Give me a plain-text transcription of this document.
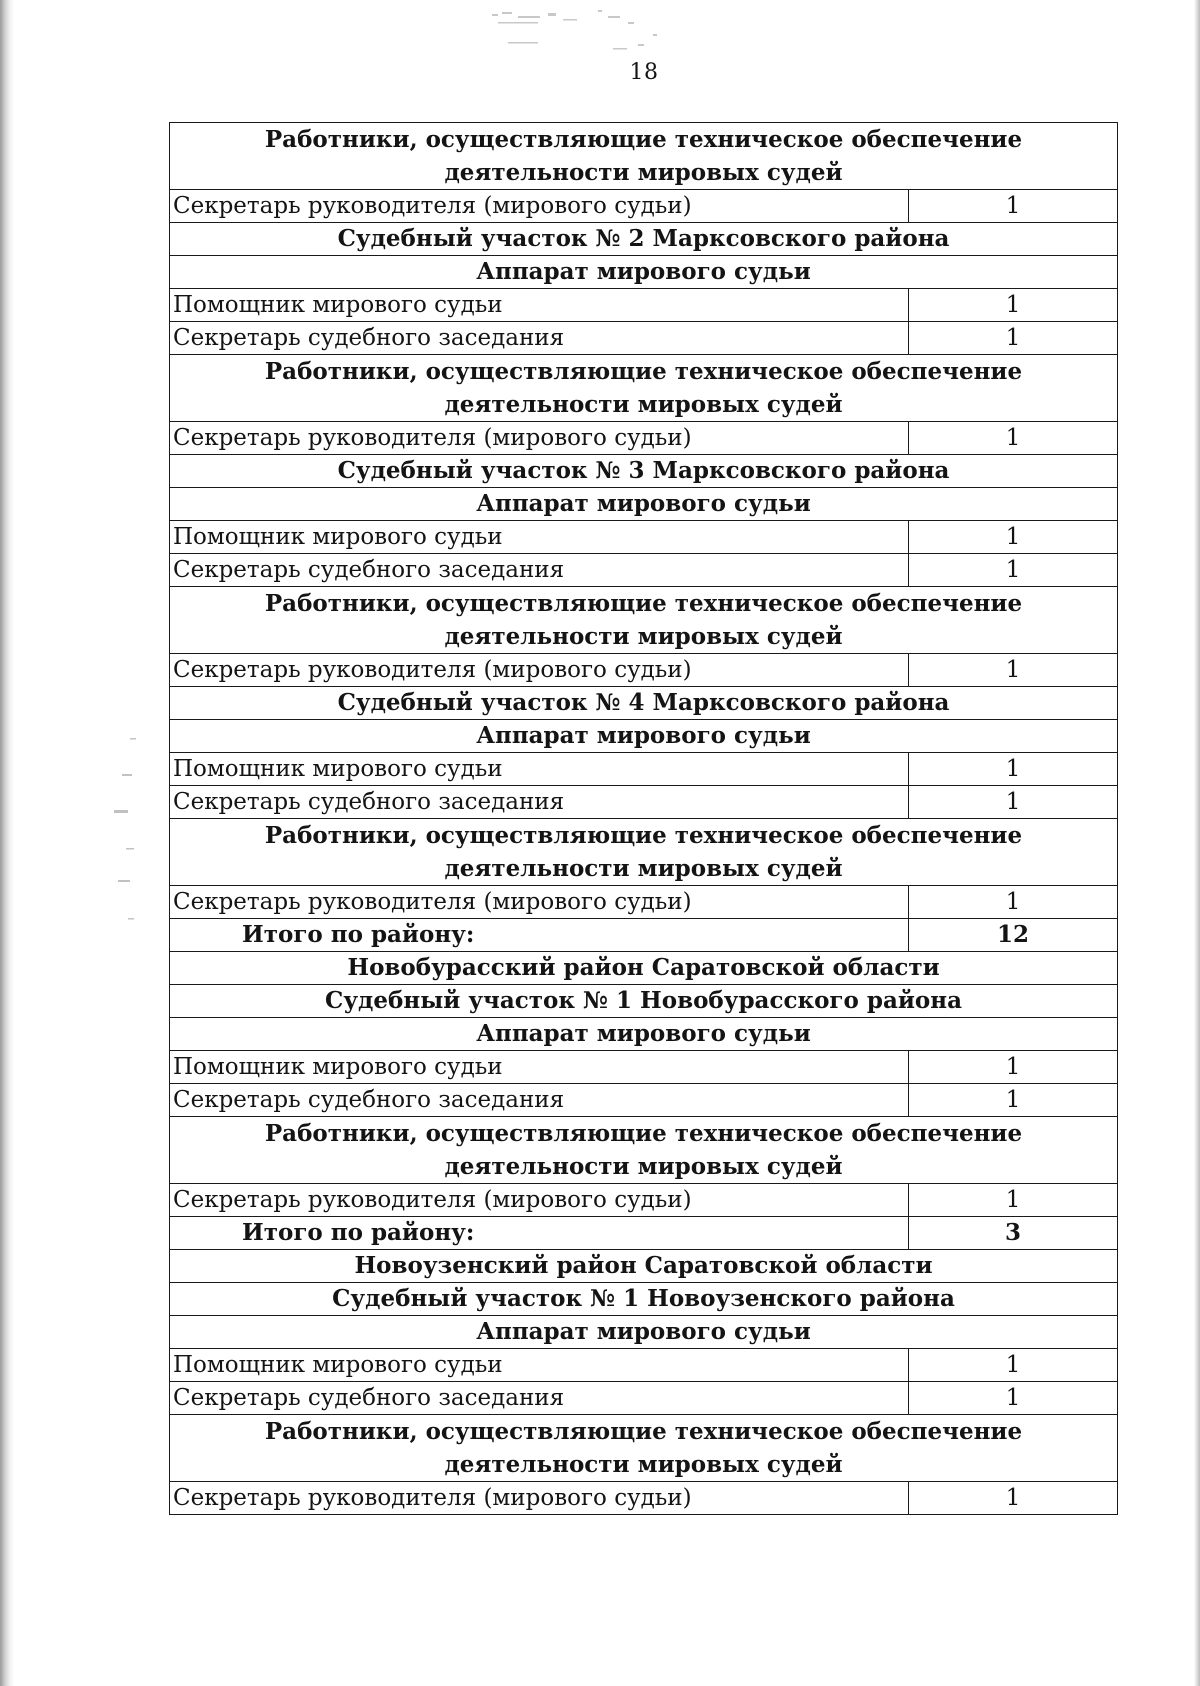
18
Работники, осуществляющие техническое обеспечение деятельности мировых судей	
Секретарь руководителя (мирового судьи)	1
Судебный участок № 2 Марксовского района	
Аппарат мирового судьи	
Помощник мирового судьи	1
Секретарь судебного заседания	1
Работники, осуществляющие техническое обеспечение деятельности мировых судей	
Секретарь руководителя (мирового судьи)	1
Судебный участок № 3 Марксовского района	
Аппарат мирового судьи	
Помощник мирового судьи	1
Секретарь судебного заседания	1
Работники, осуществляющие техническое обеспечение деятельности мировых судей	
Секретарь руководителя (мирового судьи)	1
Судебный участок № 4 Марксовского района	
Аппарат мирового судьи	
Помощник мирового судьи	1
Секретарь судебного заседания	1
Работники, осуществляющие техническое обеспечение деятельности мировых судей	
Секретарь руководителя (мирового судьи)	1
Итого по району:	12
Новобурасский район Саратовской области	
Судебный участок № 1 Новобурасского района	
Аппарат мирового судьи	
Помощник мирового судьи	1
Секретарь судебного заседания	1
Работники, осуществляющие техническое обеспечение деятельности мировых судей	
Секретарь руководителя (мирового судьи)	1
Итого по району:	3
Новоузенский район Саратовской области	
Судебный участок № 1 Новоузенского района	
Аппарат мирового судьи	
Помощник мирового судьи	1
Секретарь судебного заседания	1
Работники, осуществляющие техническое обеспечение деятельности мировых судей	
Секретарь руководителя (мирового судьи)	1
